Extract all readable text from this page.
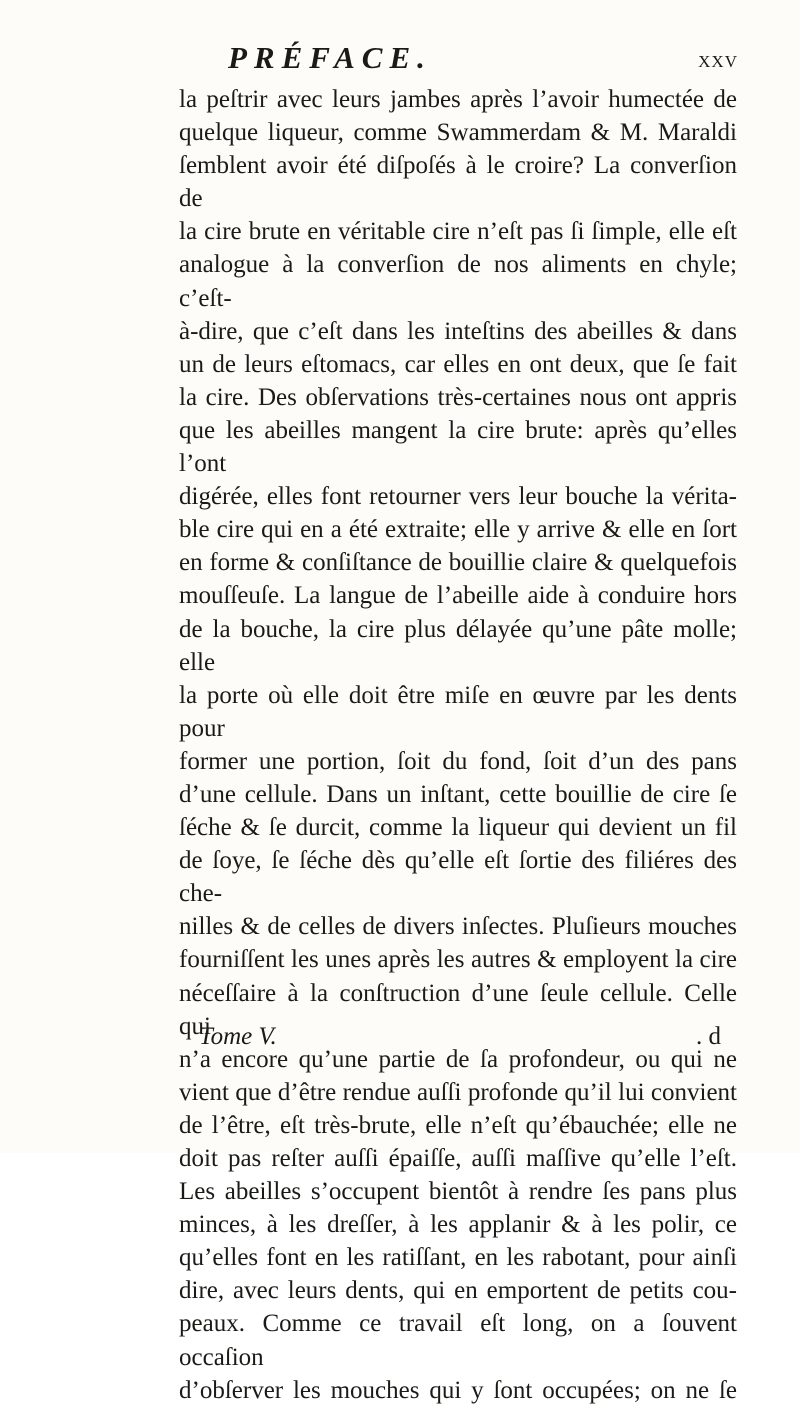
PRÉFACE.	xxv

la peſtrir avec leurs jambes après l’avoir humectée de
quelque liqueur, comme Swammerdam & M. Maraldi
ſemblent avoir été diſpoſés à le croire? La converſion de
la cire brute en véritable cire n’eſt pas ſi ſimple, elle eſt
analogue à la converſion de nos aliments en chyle; c’eſt-
à-dire, que c’eſt dans les inteſtins des abeilles & dans
un de leurs eſtomacs, car elles en ont deux, que ſe fait
la cire. Des obſervations très-certaines nous ont appris
que les abeilles mangent la cire brute: après qu’elles l’ont
digérée, elles font retourner vers leur bouche la vérita-
ble cire qui en a été extraite; elle y arrive & elle en ſort
en forme & conſiſtance de bouillie claire & quelquefois
mouſſeuſe. La langue de l’abeille aide à conduire hors
de la bouche, la cire plus délayée qu’une pâte molle; elle
la porte où elle doit être miſe en œuvre par les dents pour
former une portion, ſoit du fond, ſoit d’un des pans
d’une cellule. Dans un inſtant, cette bouillie de cire ſe
ſéche & ſe durcit, comme la liqueur qui devient un fil
de ſoye, ſe ſéche dès qu’elle eſt ſortie des filiéres des che-
nilles & de celles de divers inſectes. Pluſieurs mouches
fourniſſent les unes après les autres & employent la cire
néceſſaire à la conſtruction d’une ſeule cellule. Celle qui
n’a encore qu’une partie de ſa profondeur, ou qui ne
vient que d’être rendue auſſi profonde qu’il lui convient
de l’être, eſt très-brute, elle n’eſt qu’ébauchée; elle ne
doit pas reſter auſſi épaiſſe, auſſi maſſive qu’elle l’eſt.
Les abeilles s’occupent bientôt à rendre ſes pans plus
minces, à les dreſſer, à les applanir & à les polir, ce
qu’elles font en les ratiſſant, en les rabotant, pour ainſi
dire, avec leurs dents, qui en emportent de petits cou-
peaux. Comme ce travail eſt long, on a ſouvent occaſion
d’obſerver les mouches qui y ſont occupées; on ne ſe

Tome V.	. d
